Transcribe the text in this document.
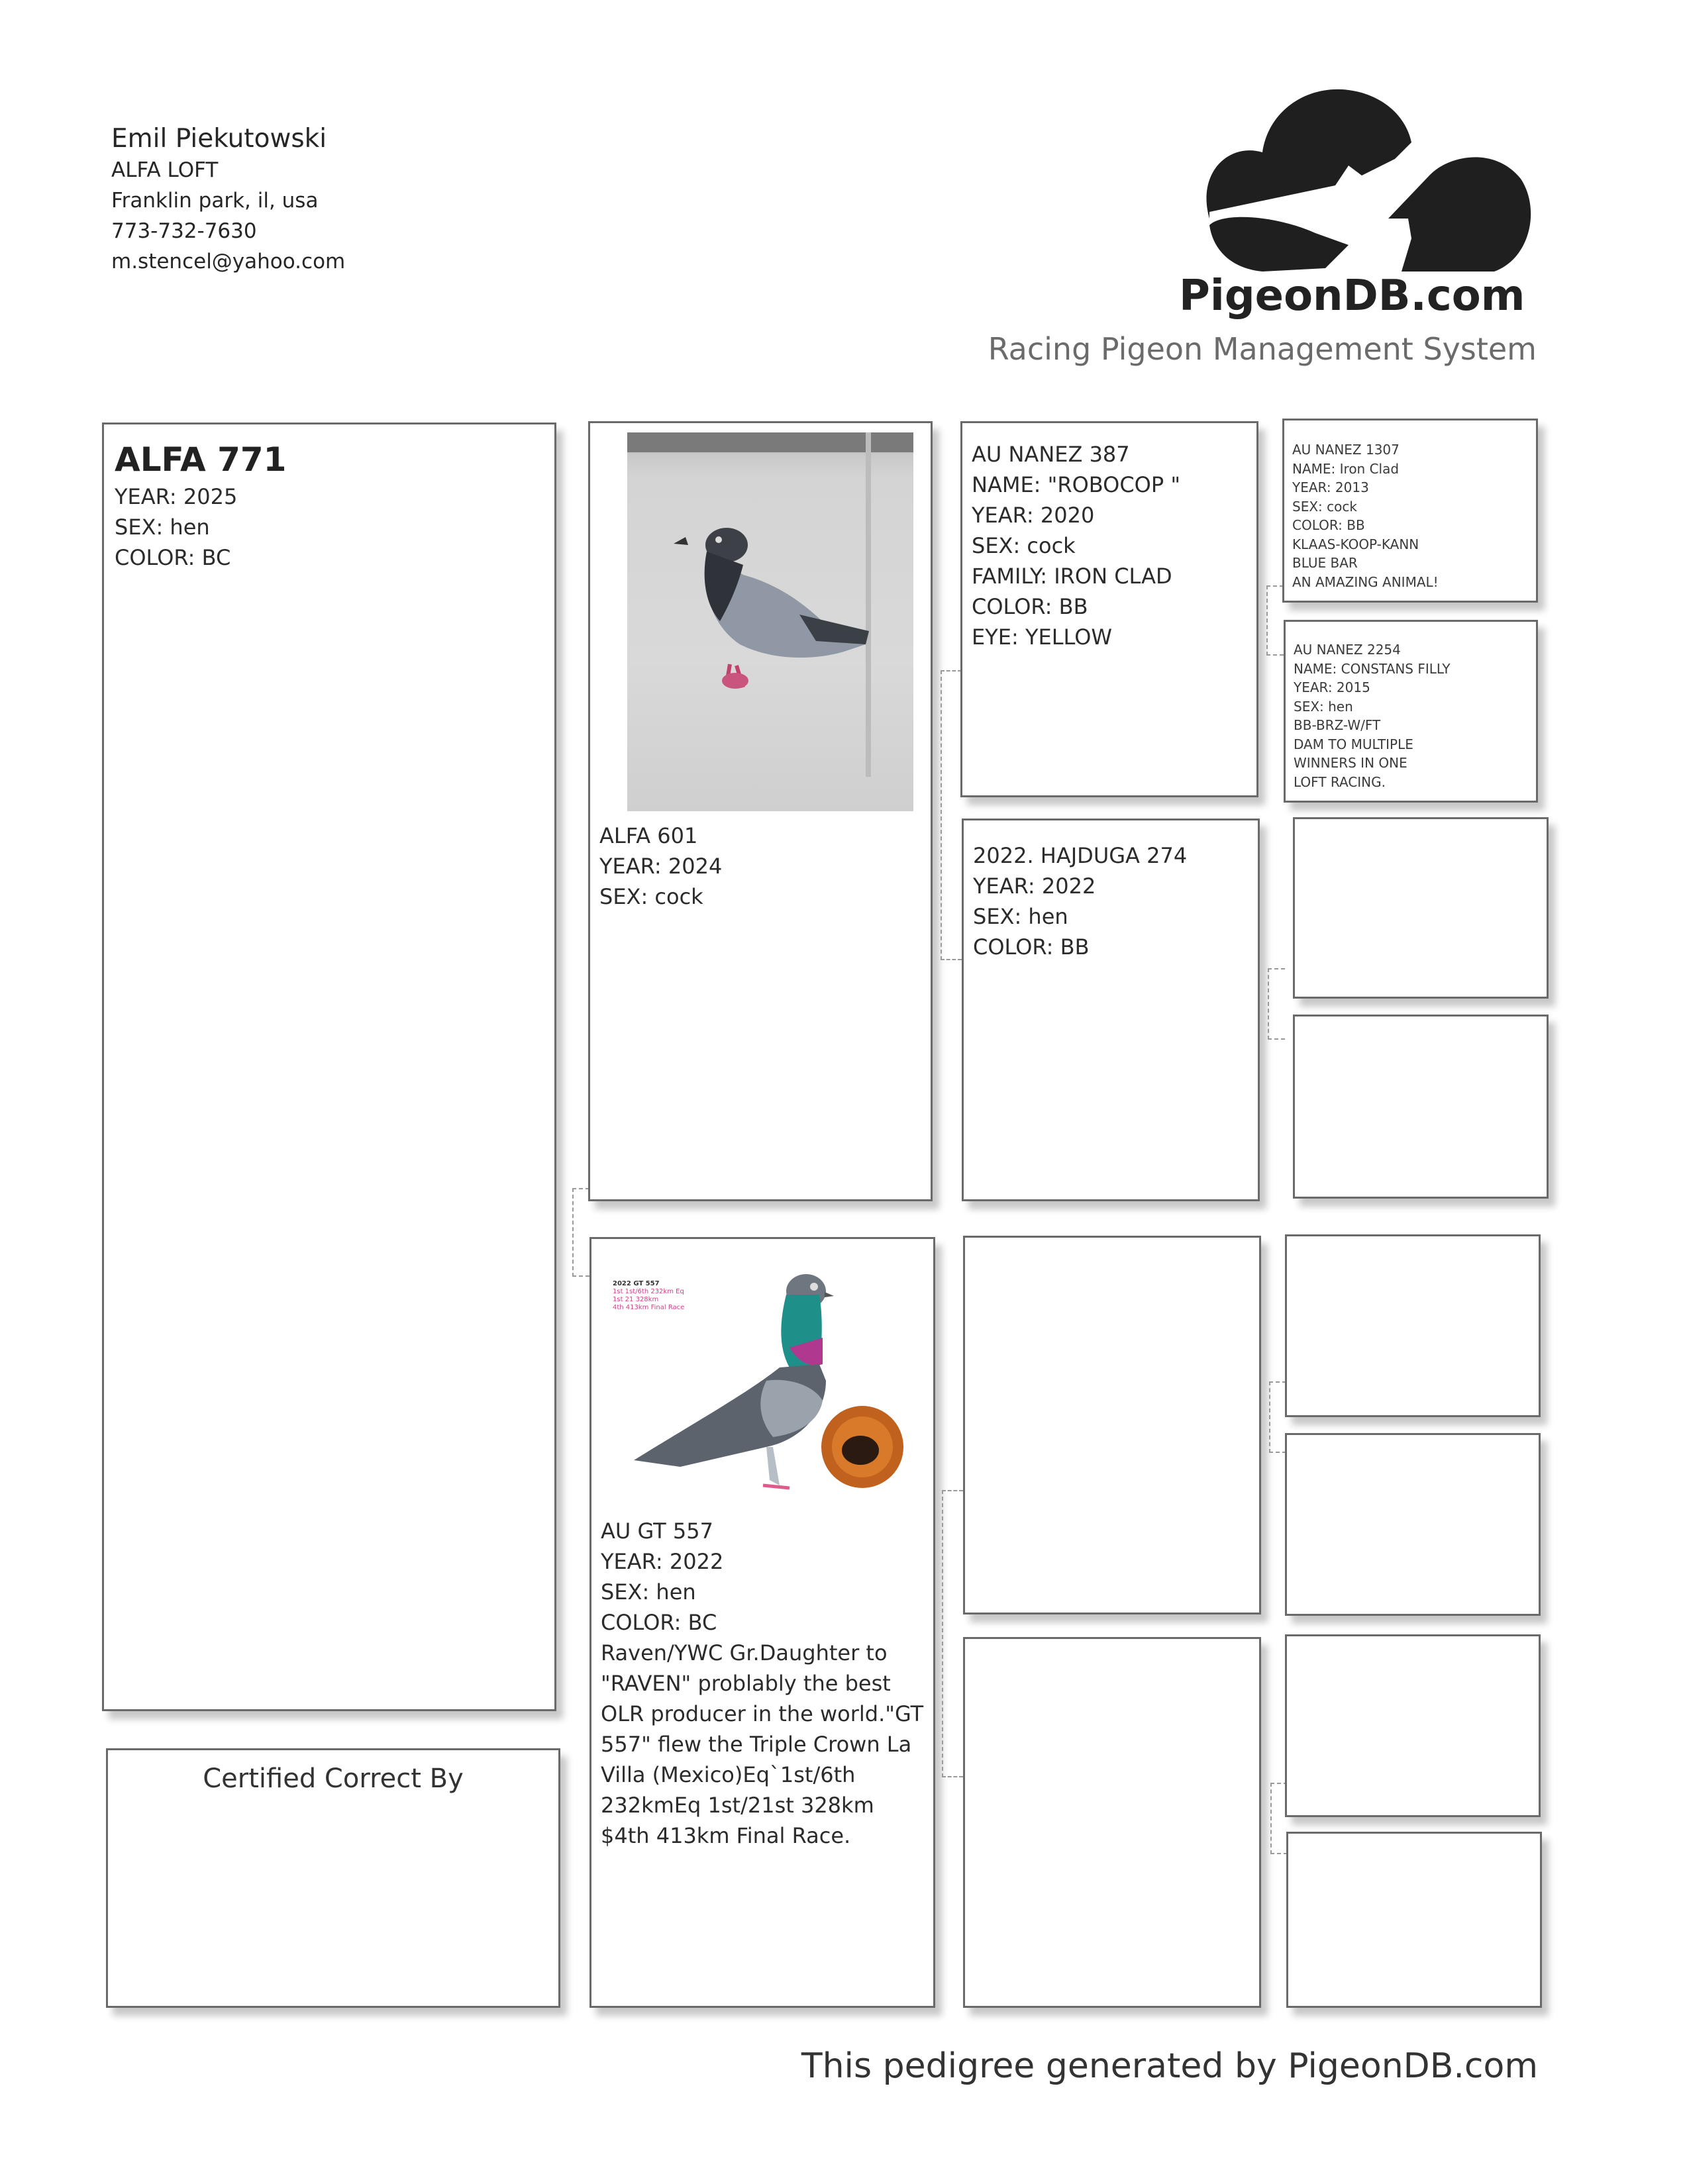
Emil Piekutowski
ALFA LOFT
Franklin park, il, usa
773-732-7630
m.stencel@yahoo.com
PigeonDB.com
Racing Pigeon Management System
ALFA 771
YEAR: 2025
SEX: hen
COLOR: BC
Certified Correct By
ALFA 601
YEAR: 2024
SEX: cock
2022 GT 557
1st 1st/6th 232km Eq
1st 21 328km
4th 413km Final Race
AU GT 557
YEAR: 2022
SEX: hen
COLOR: BC
Raven/YWC Gr.Daughter to
"RAVEN" problably the best
OLR producer in the world."GT
557" flew the Triple Crown La
Villa (Mexico)Eq`1st/6th
232kmEq 1st/21st 328km
$4th 413km Final Race.
AU NANEZ 387
NAME: "ROBOCOP "
YEAR: 2020
SEX: cock
FAMILY: IRON CLAD
COLOR: BB
EYE: YELLOW
2022. HAJDUGA 274
YEAR: 2022
SEX: hen
COLOR: BB
AU NANEZ 1307
NAME: Iron Clad
YEAR: 2013
SEX: cock
COLOR: BB
KLAAS-KOOP-KANN
BLUE BAR
AN AMAZING ANIMAL!
AU NANEZ 2254
NAME: CONSTANS FILLY
YEAR: 2015
SEX: hen
BB-BRZ-W/FT
DAM TO MULTIPLE
WINNERS IN ONE
LOFT RACING.
This pedigree generated by PigeonDB.com
